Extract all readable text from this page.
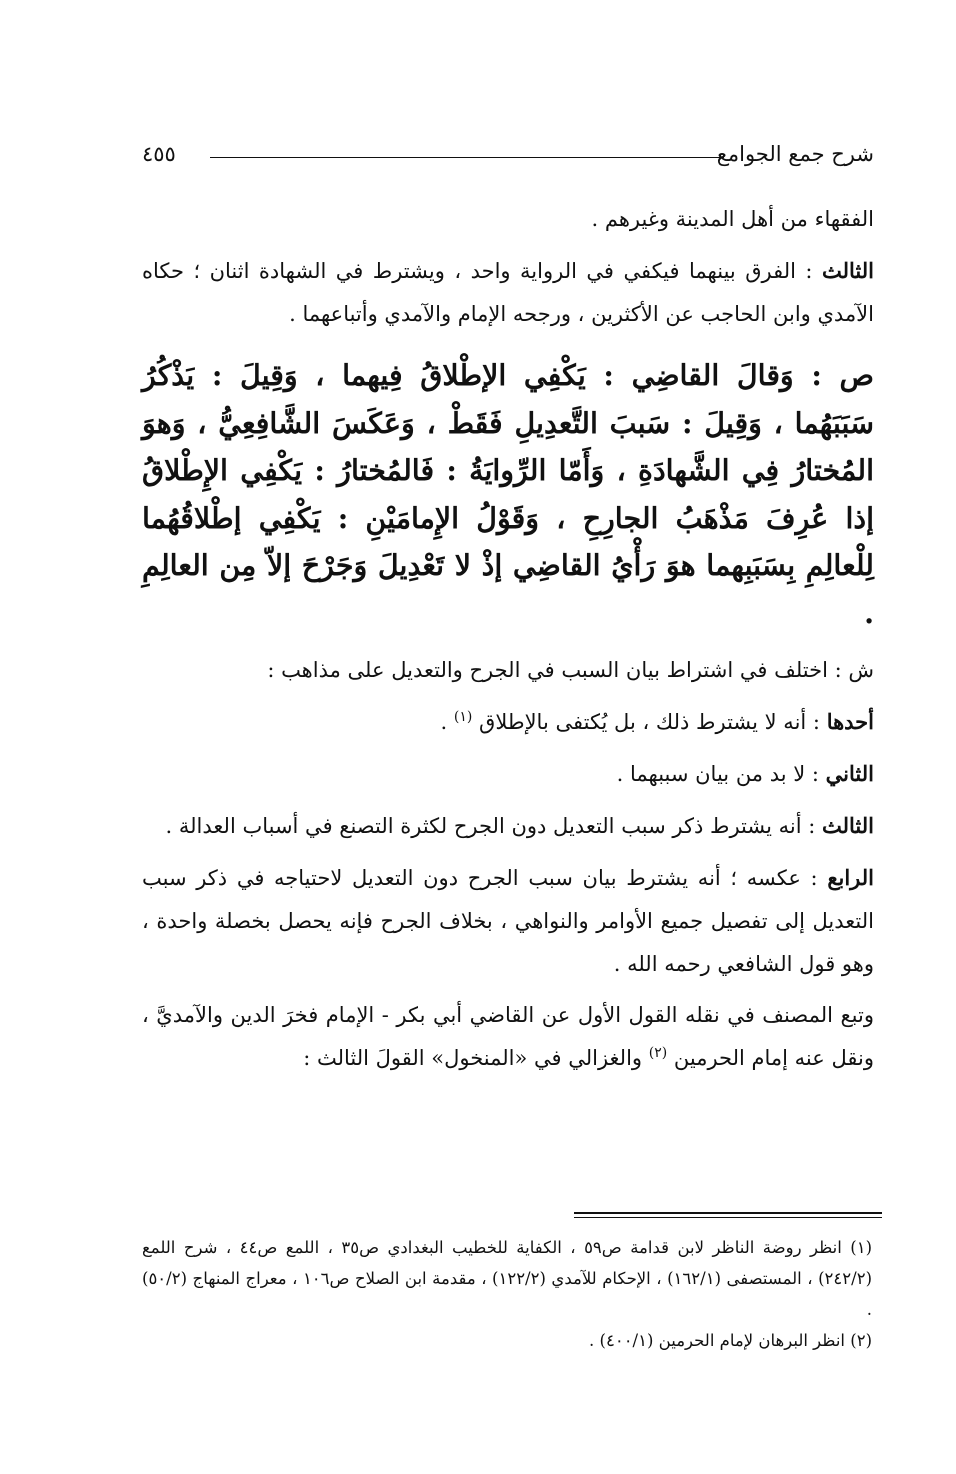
شرح جمع الجوامع
٤٥٥

الفقهاء من أهل المدينة وغيرهم .

الثالث : الفرق بينهما فيكفي في الرواية واحد ، ويشترط في الشهادة اثنان ؛ حكاه الآمدي وابن الحاجب عن الأكثرين ، ورجحه الإمام والآمدي وأتباعهما .

ص : وَقالَ القاضِي : يَكْفِي الإطْلاقُ فِيهما ، وَقِيلَ : يَذْكُرُ سَبَبَهُما ، وَقِيلَ : سَببَ التَّعدِيلِ فَقَطْ ، وَعَكَسَ الشَّافِعِيُّ ، وَهوَ المُختارُ فِي الشَّهادَةِ ، وَأَمّا الرِّوايَةُ : فَالمُختارُ : يَكْفِي الإِطْلاقُ إذا عُرِفَ مَذْهَبُ الجارِحِ ، وَقَوْلُ الإِمامَيْنِ : يَكْفِي إطْلاقُهُما لِلْعالِمِ بِسَبَبِهما هوَ رَأْيُ القاضِي إذْ لا تَعْدِيلَ وَجَرْحَ إلاّ مِن العالِمِ .

ش : اختلف في اشتراط بيان السبب في الجرح والتعديل على مذاهب :

أحدها : أنه لا يشترط ذلك ، بل يُكتفى بالإطلاق $^{(١)}$ .

الثاني : لا بد من بيان سببهما .

الثالث : أنه يشترط ذكر سبب التعديل دون الجرح لكثرة التصنع في أسباب العدالة .

الرابع : عكسه ؛ أنه يشترط بيان سبب الجرح دون التعديل لاحتياجه في ذكر سبب التعديل إلى تفصيل جميع الأوامر والنواهي ، بخلاف الجرح فإنه يحصل بخصلة واحدة ، وهو قول الشافعي رحمه الله .

وتبع المصنف في نقله القول الأول عن القاضي أبي بكر - الإمام فخرَ الدين والآمديَّ ، ونقل عنه إمام الحرمين $^{(٢)}$ والغزالي في «المنخول» القولَ الثالث :

(١) انظر روضة الناظر لابن قدامة ص٥٩ ، الكفاية للخطيب البغدادي ص٣٥ ، اللمع ص٤٤ ، شرح اللمع (٢٤٢/٢) ، المستصفى (١٦٢/١) ، الإحكام للآمدي (١٢٢/٢) ، مقدمة ابن الصلاح ص١٠٦ ، معراج المنهاج (٥٠/٢) .

(٢) انظر البرهان لإمام الحرمين (٤٠٠/١) .
